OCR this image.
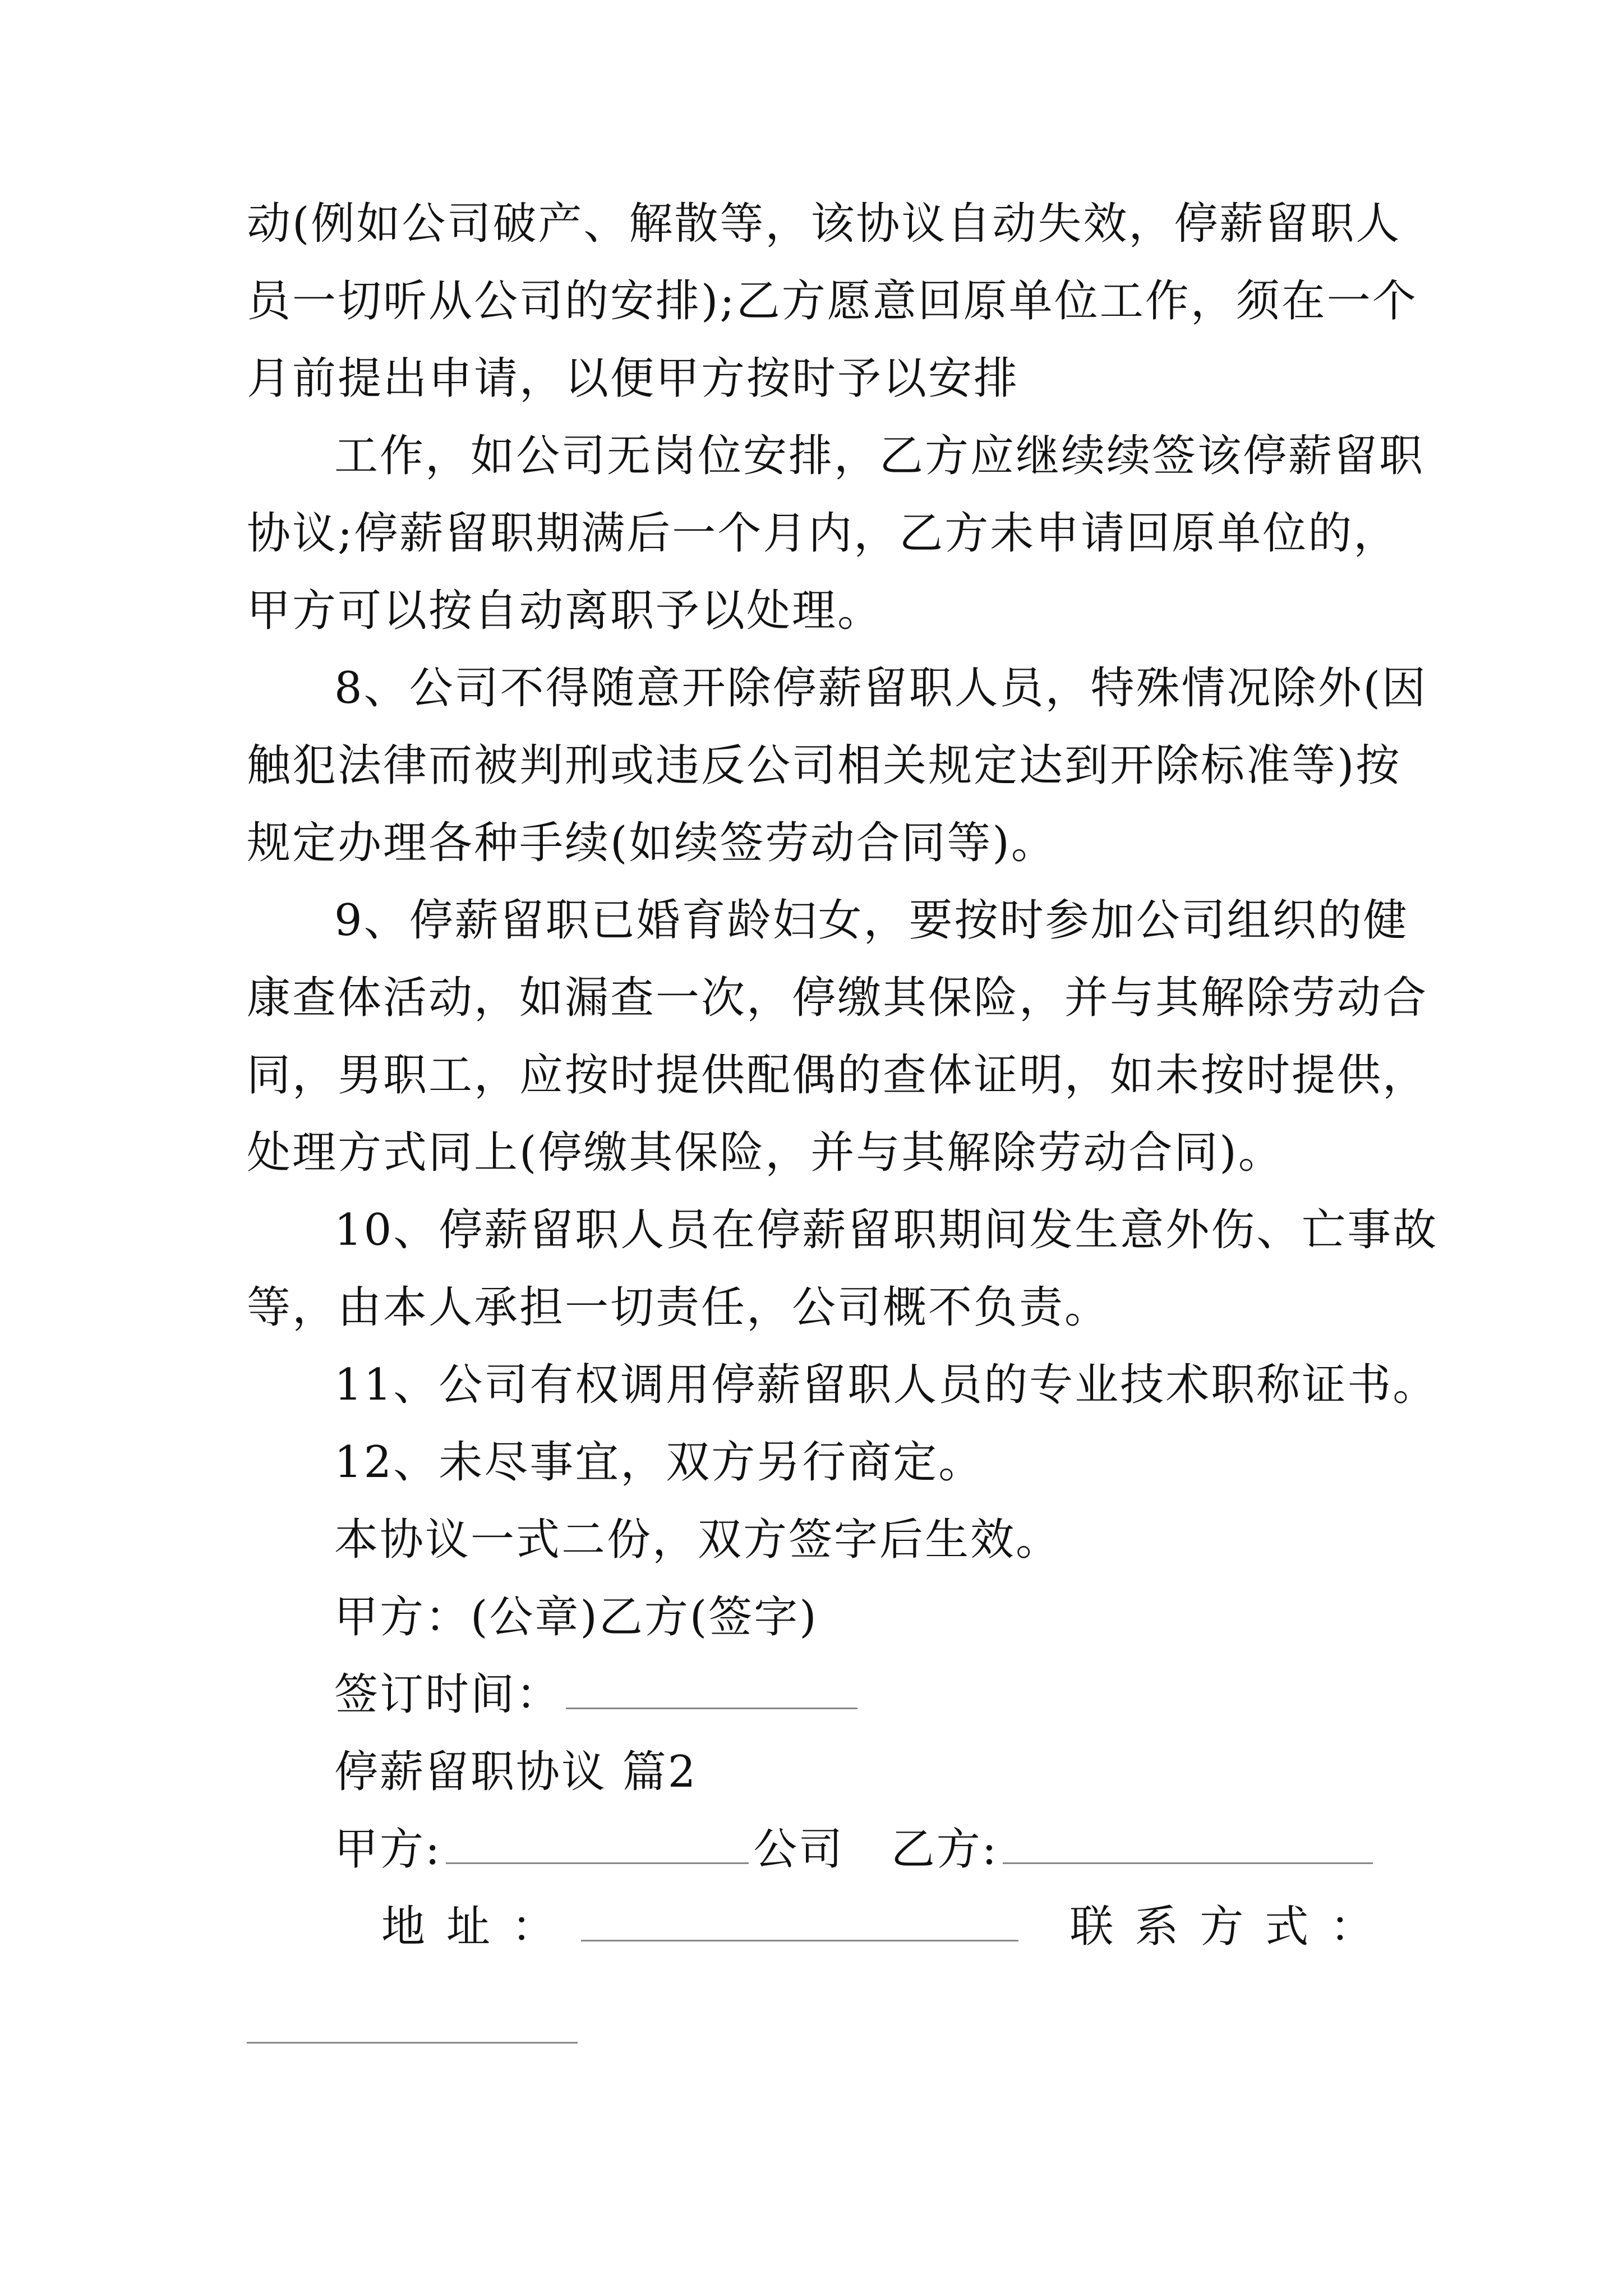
动(例如公司破产、解散等，该协议自动失效，停薪留职人
员一切听从公司的安排);乙方愿意回原单位工作，须在一个
月前提出申请，以便甲方按时予以安排
工作，如公司无岗位安排，乙方应继续续签该停薪留职
协议;停薪留职期满后一个月内，乙方未申请回原单位的，
甲方可以按自动离职予以处理。
8、公司不得随意开除停薪留职人员，特殊情况除外(因
触犯法律而被判刑或违反公司相关规定达到开除标准等)按
规定办理各种手续(如续签劳动合同等)。
9、停薪留职已婚育龄妇女，要按时参加公司组织的健
康查体活动，如漏查一次，停缴其保险，并与其解除劳动合
同，男职工，应按时提供配偶的查体证明，如未按时提供，
处理方式同上(停缴其保险，并与其解除劳动合同)。
10、停薪留职人员在停薪留职期间发生意外伤、亡事故
等，由本人承担一切责任，公司概不负责。
11、公司有权调用停薪留职人员的专业技术职称证书。
12、未尽事宜，双方另行商定。
本协议一式二份，双方签字后生效。
甲方：(公章)乙方(签字)
签订时间：
停薪留职协议 篇2
甲方:	公司 乙方:
地址：	联系方式：
